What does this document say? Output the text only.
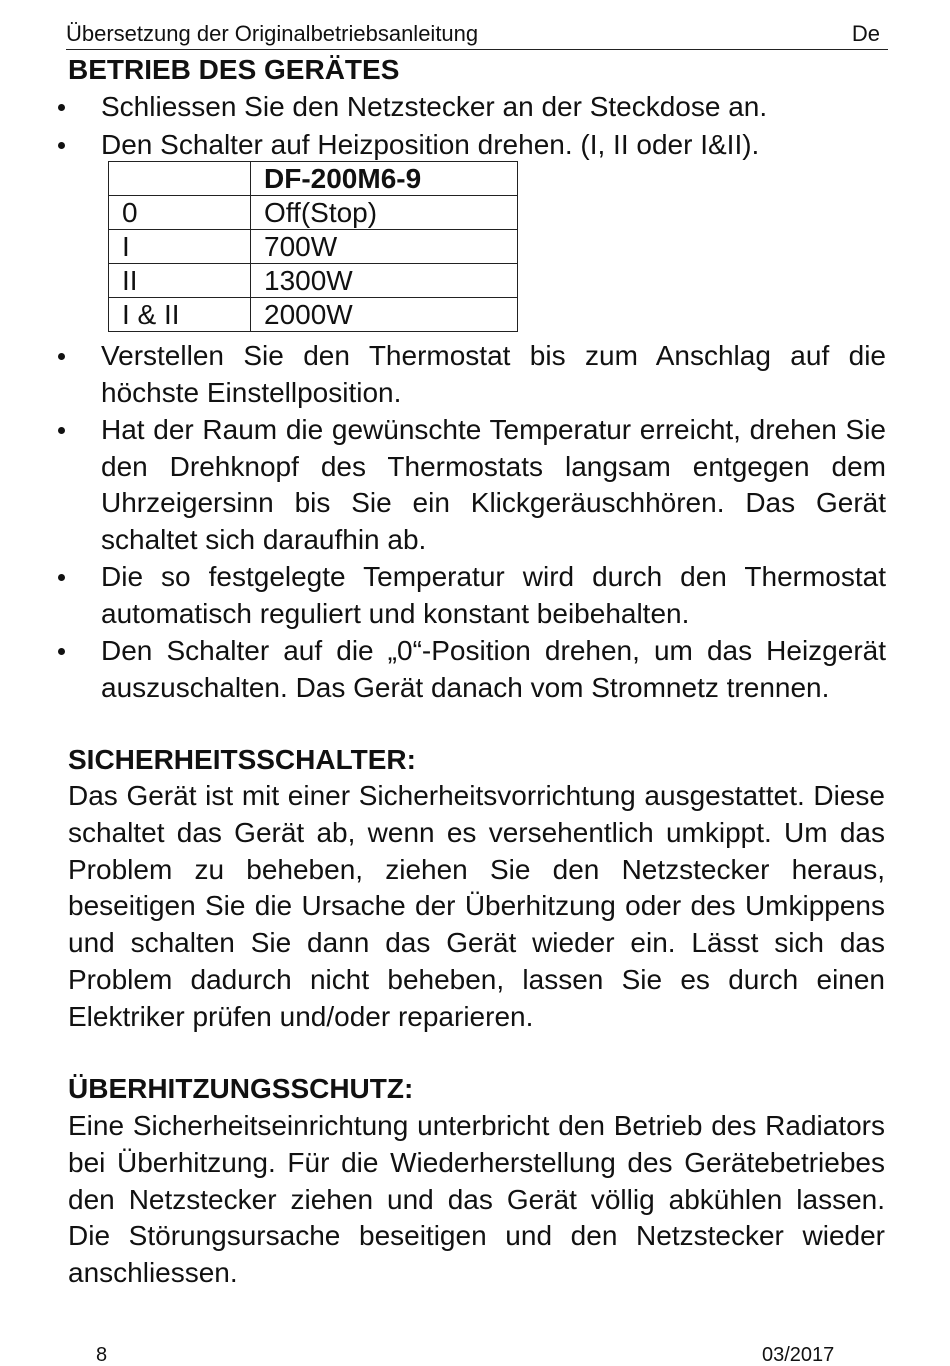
Übersetzung der Originalbetriebsanleitung	De
BETRIEB DES GERÄTES
Schliessen Sie den Netzstecker an der Steckdose an.
Den Schalter auf Heizposition drehen. (I, II oder I&II).
	DF-200M6-9
0	Off(Stop)
I	700W
II	1300W
I & II	2000W
Verstellen Sie den Thermostat bis zum Anschlag auf die höchste Einstellposition.
Hat der Raum die gewünschte Temperatur erreicht, drehen Sie den Drehknopf des Thermostats langsam entgegen dem Uhrzeigersinn bis Sie ein Klickgeräuschhören. Das Gerät schaltet sich daraufhin ab.
Die so festgelegte Temperatur wird durch den Thermostat automatisch reguliert und konstant beibehalten.
Den Schalter auf die „0“-Position drehen, um das Heizgerät auszuschalten. Das Gerät danach vom Stromnetz trennen.
SICHERHEITSSCHALTER:

Das Gerät ist mit einer Sicherheitsvorrichtung ausgestattet. Diese schaltet das Gerät ab, wenn es versehentlich umkippt. Um das Problem zu beheben, ziehen Sie den Netzstecker heraus, beseitigen Sie die Ursache der Überhitzung oder des Umkippens und schalten Sie dann das Gerät wieder ein. Lässt sich das Problem dadurch nicht beheben, lassen Sie es durch einen Elektriker prüfen und/oder reparieren.

ÜBERHITZUNGSSCHUTZ:

Eine Sicherheitseinrichtung unterbricht den Betrieb des Radiators bei Überhitzung. Für die Wiederherstellung des Gerätebetriebes den Netzstecker ziehen und das Gerät völlig abkühlen lassen. Die Störungsursache beseitigen und den Netzstecker wieder anschliessen.

8	03/2017
